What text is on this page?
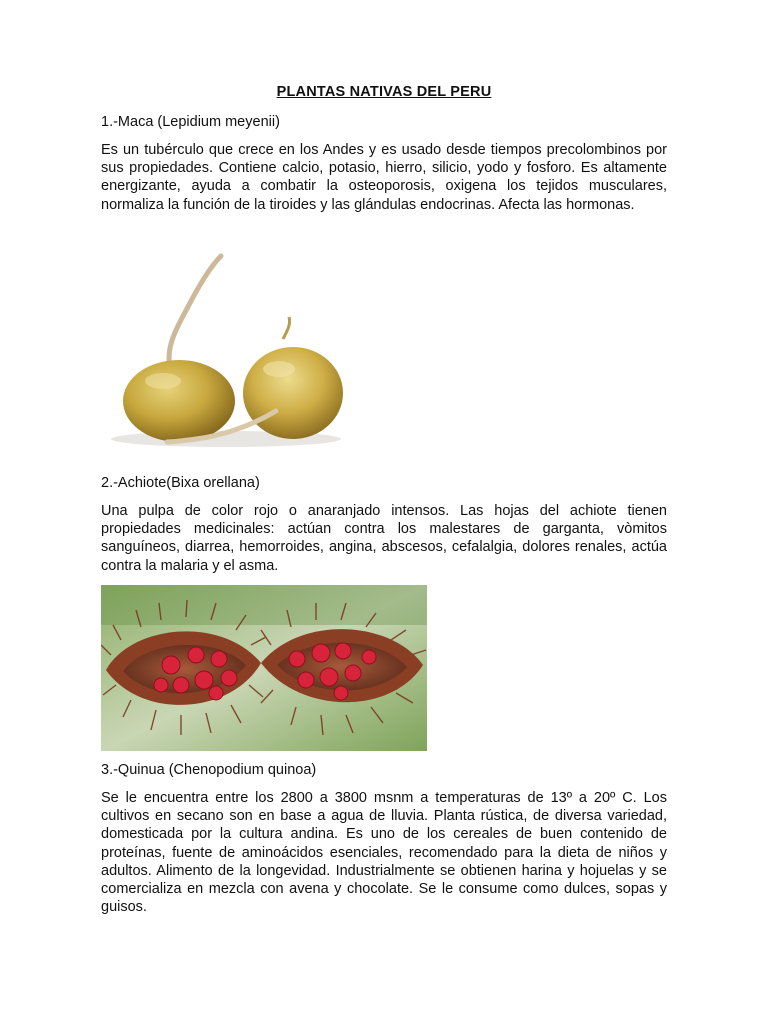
PLANTAS NATIVAS DEL PERU
1.-Maca (Lepidium meyenii)
Es un tubérculo que crece en los Andes y es usado desde tiempos precolombinos por sus propiedades. Contiene calcio, potasio, hierro, silicio, yodo y fosforo. Es altamente energizante, ayuda a combatir la osteoporosis, oxigena los tejidos musculares, normaliza la función de la tiroides y las glándulas endocrinas. Afecta las hormonas.
2.-Achiote(Bixa orellana)
Una pulpa de color rojo o anaranjado intensos. Las hojas del achiote tienen propiedades medicinales: actúan contra los malestares de garganta, vòmitos sanguíneos, diarrea, hemorroides, angina, abscesos, cefalalgia, dolores renales, actúa contra la malaria y el asma.
3.-Quinua (Chenopodium quinoa)
Se le encuentra entre los 2800 a 3800 msnm a temperaturas de 13º a 20º C. Los cultivos en secano son en base a agua de lluvia. Planta rústica, de diversa variedad, domesticada por la cultura andina. Es uno de los cereales de buen contenido de proteínas, fuente de aminoácidos esenciales, recomendado para la dieta de niños y adultos. Alimento de la longevidad. Industrialmente se obtienen harina y hojuelas y se comercializa en mezcla con avena y chocolate. Se le consume como dulces, sopas y guisos.
